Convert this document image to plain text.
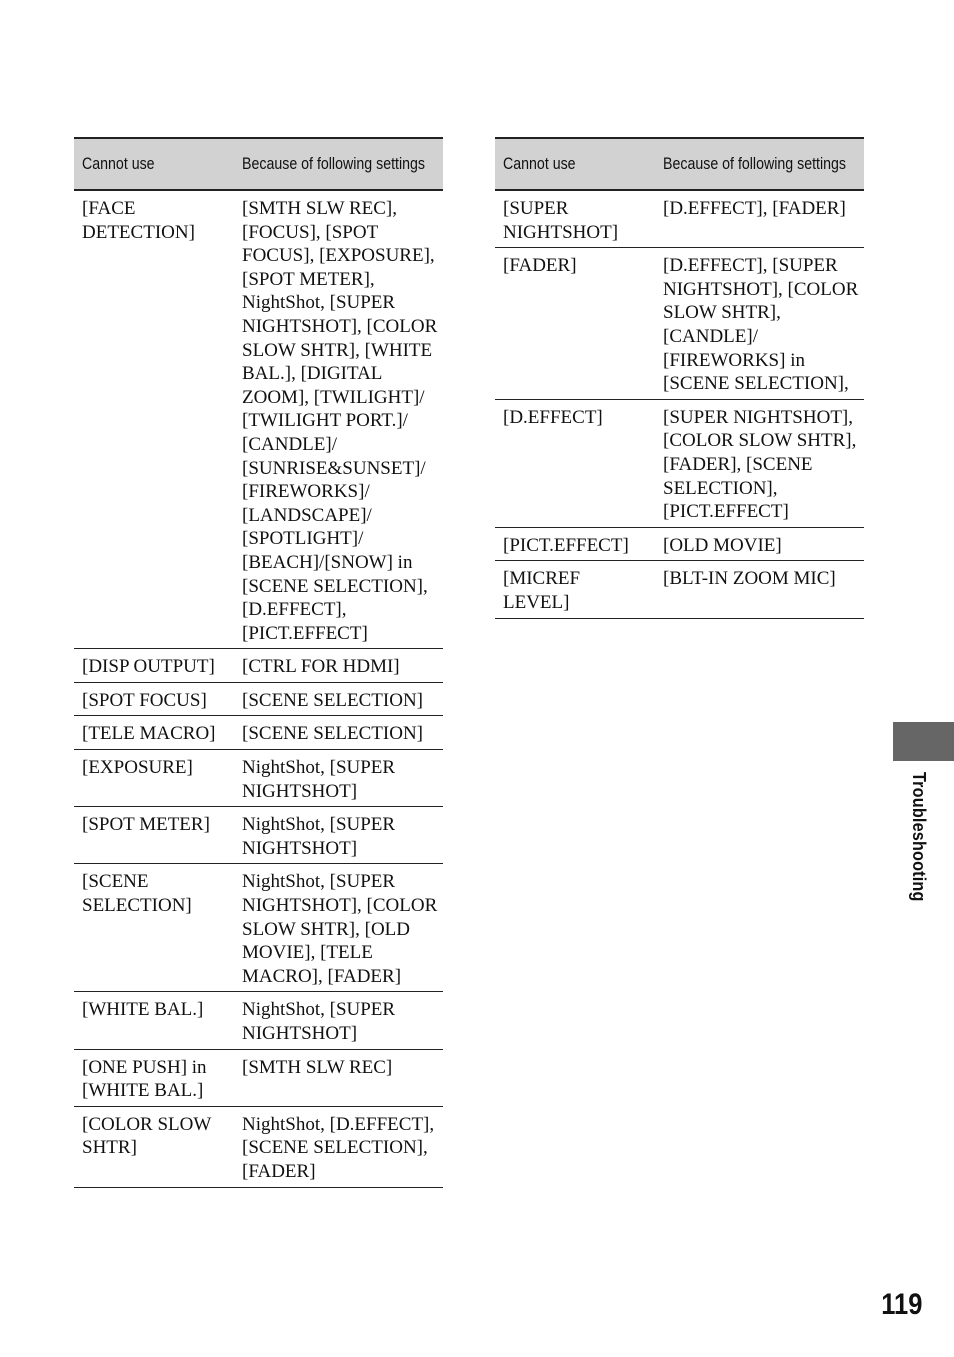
Cannot use	Because of following settings
[FACE DETECTION]	[SMTH SLW REC], [FOCUS], [SPOT FOCUS], [EXPOSURE], [SPOT METER], NightShot, [SUPER NIGHTSHOT], [COLOR SLOW SHTR], [WHITE BAL.], [DIGITAL ZOOM], [TWILIGHT]/ [TWILIGHT PORT.]/ [CANDLE]/ [SUNRISE&SUNSET]/ [FIREWORKS]/ [LANDSCAPE]/ [SPOTLIGHT]/ [BEACH]/[SNOW] in [SCENE SELECTION], [D.EFFECT], [PICT.EFFECT]
[DISP OUTPUT]	[CTRL FOR HDMI]
[SPOT FOCUS]	[SCENE SELECTION]
[TELE MACRO]	[SCENE SELECTION]
[EXPOSURE]	NightShot, [SUPER NIGHTSHOT]
[SPOT METER]	NightShot, [SUPER NIGHTSHOT]
[SCENE SELECTION]	NightShot, [SUPER NIGHTSHOT], [COLOR SLOW SHTR], [OLD MOVIE], [TELE MACRO], [FADER]
[WHITE BAL.]	NightShot, [SUPER NIGHTSHOT]
[ONE PUSH] in [WHITE BAL.]	[SMTH SLW REC]
[COLOR SLOW SHTR]	NightShot, [D.EFFECT], [SCENE SELECTION], [FADER]
Cannot use	Because of following settings
[SUPER NIGHTSHOT]	[D.EFFECT], [FADER]
[FADER]	[D.EFFECT], [SUPER NIGHTSHOT], [COLOR SLOW SHTR], [CANDLE]/ [FIREWORKS] in [SCENE SELECTION],
[D.EFFECT]	[SUPER NIGHTSHOT], [COLOR SLOW SHTR], [FADER], [SCENE SELECTION], [PICT.EFFECT]
[PICT.EFFECT]	[OLD MOVIE]
[MICREF LEVEL]	[BLT-IN ZOOM MIC]
Troubleshooting
119
